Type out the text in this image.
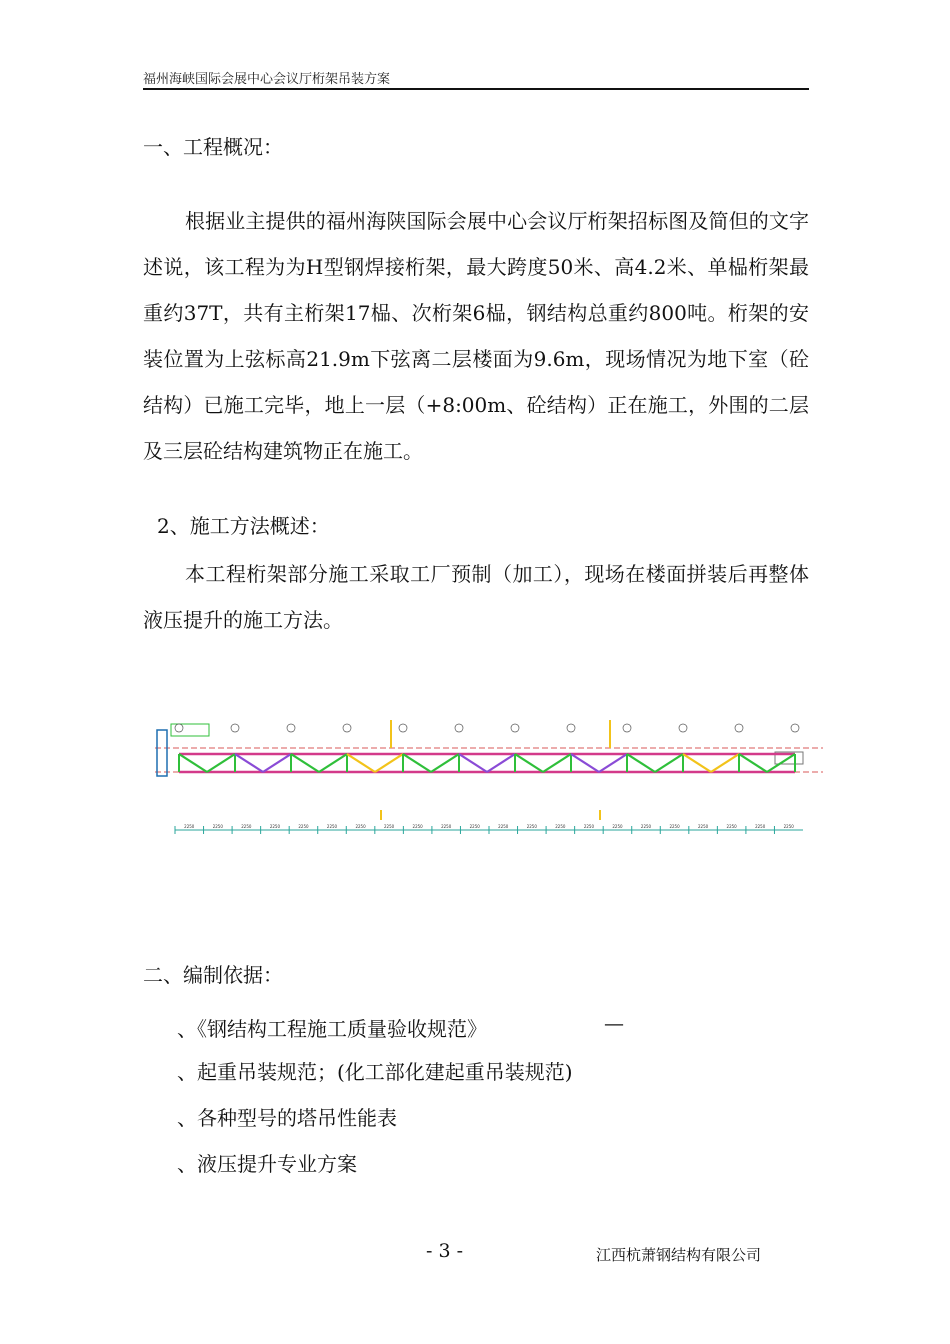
福州海峡国际会展中心会议厅桁架吊装方案
一、工程概况：
根据业主提供的福州海陕国际会展中心会议厅桁架招标图及简但的文字述说，该工程为为H型钢焊接桁架，最大跨度50米、高4.2米、单榀桁架最重约37T，共有主桁架17榀、次桁架6榀，钢结构总重约800吨。桁架的安装位置为上弦标高21.9m下弦离二层楼面为9.6m，现场情况为地下室（砼结构）已施工完毕，地上一层（+8:00m、砼结构）正在施工，外围的二层及三层砼结构建筑物正在施工。
2、施工方法概述：
本工程桁架部分施工采取工厂预制（加工），现场在楼面拼装后再整体液压提升的施工方法。
2250	2250	2250	2250	2250	2250	2250	2250	2250	2250	2250	2250	2250	2250	2250	2250	2250	2250	2250	2250	2250	2250
二、编制依据：
、《钢结构工程施工质量验收规范》	—
、起重吊装规范；(化工部化建起重吊装规范)
、各种型号的塔吊性能表
、液压提升专业方案
- 3 -	江西杭萧钢结构有限公司
